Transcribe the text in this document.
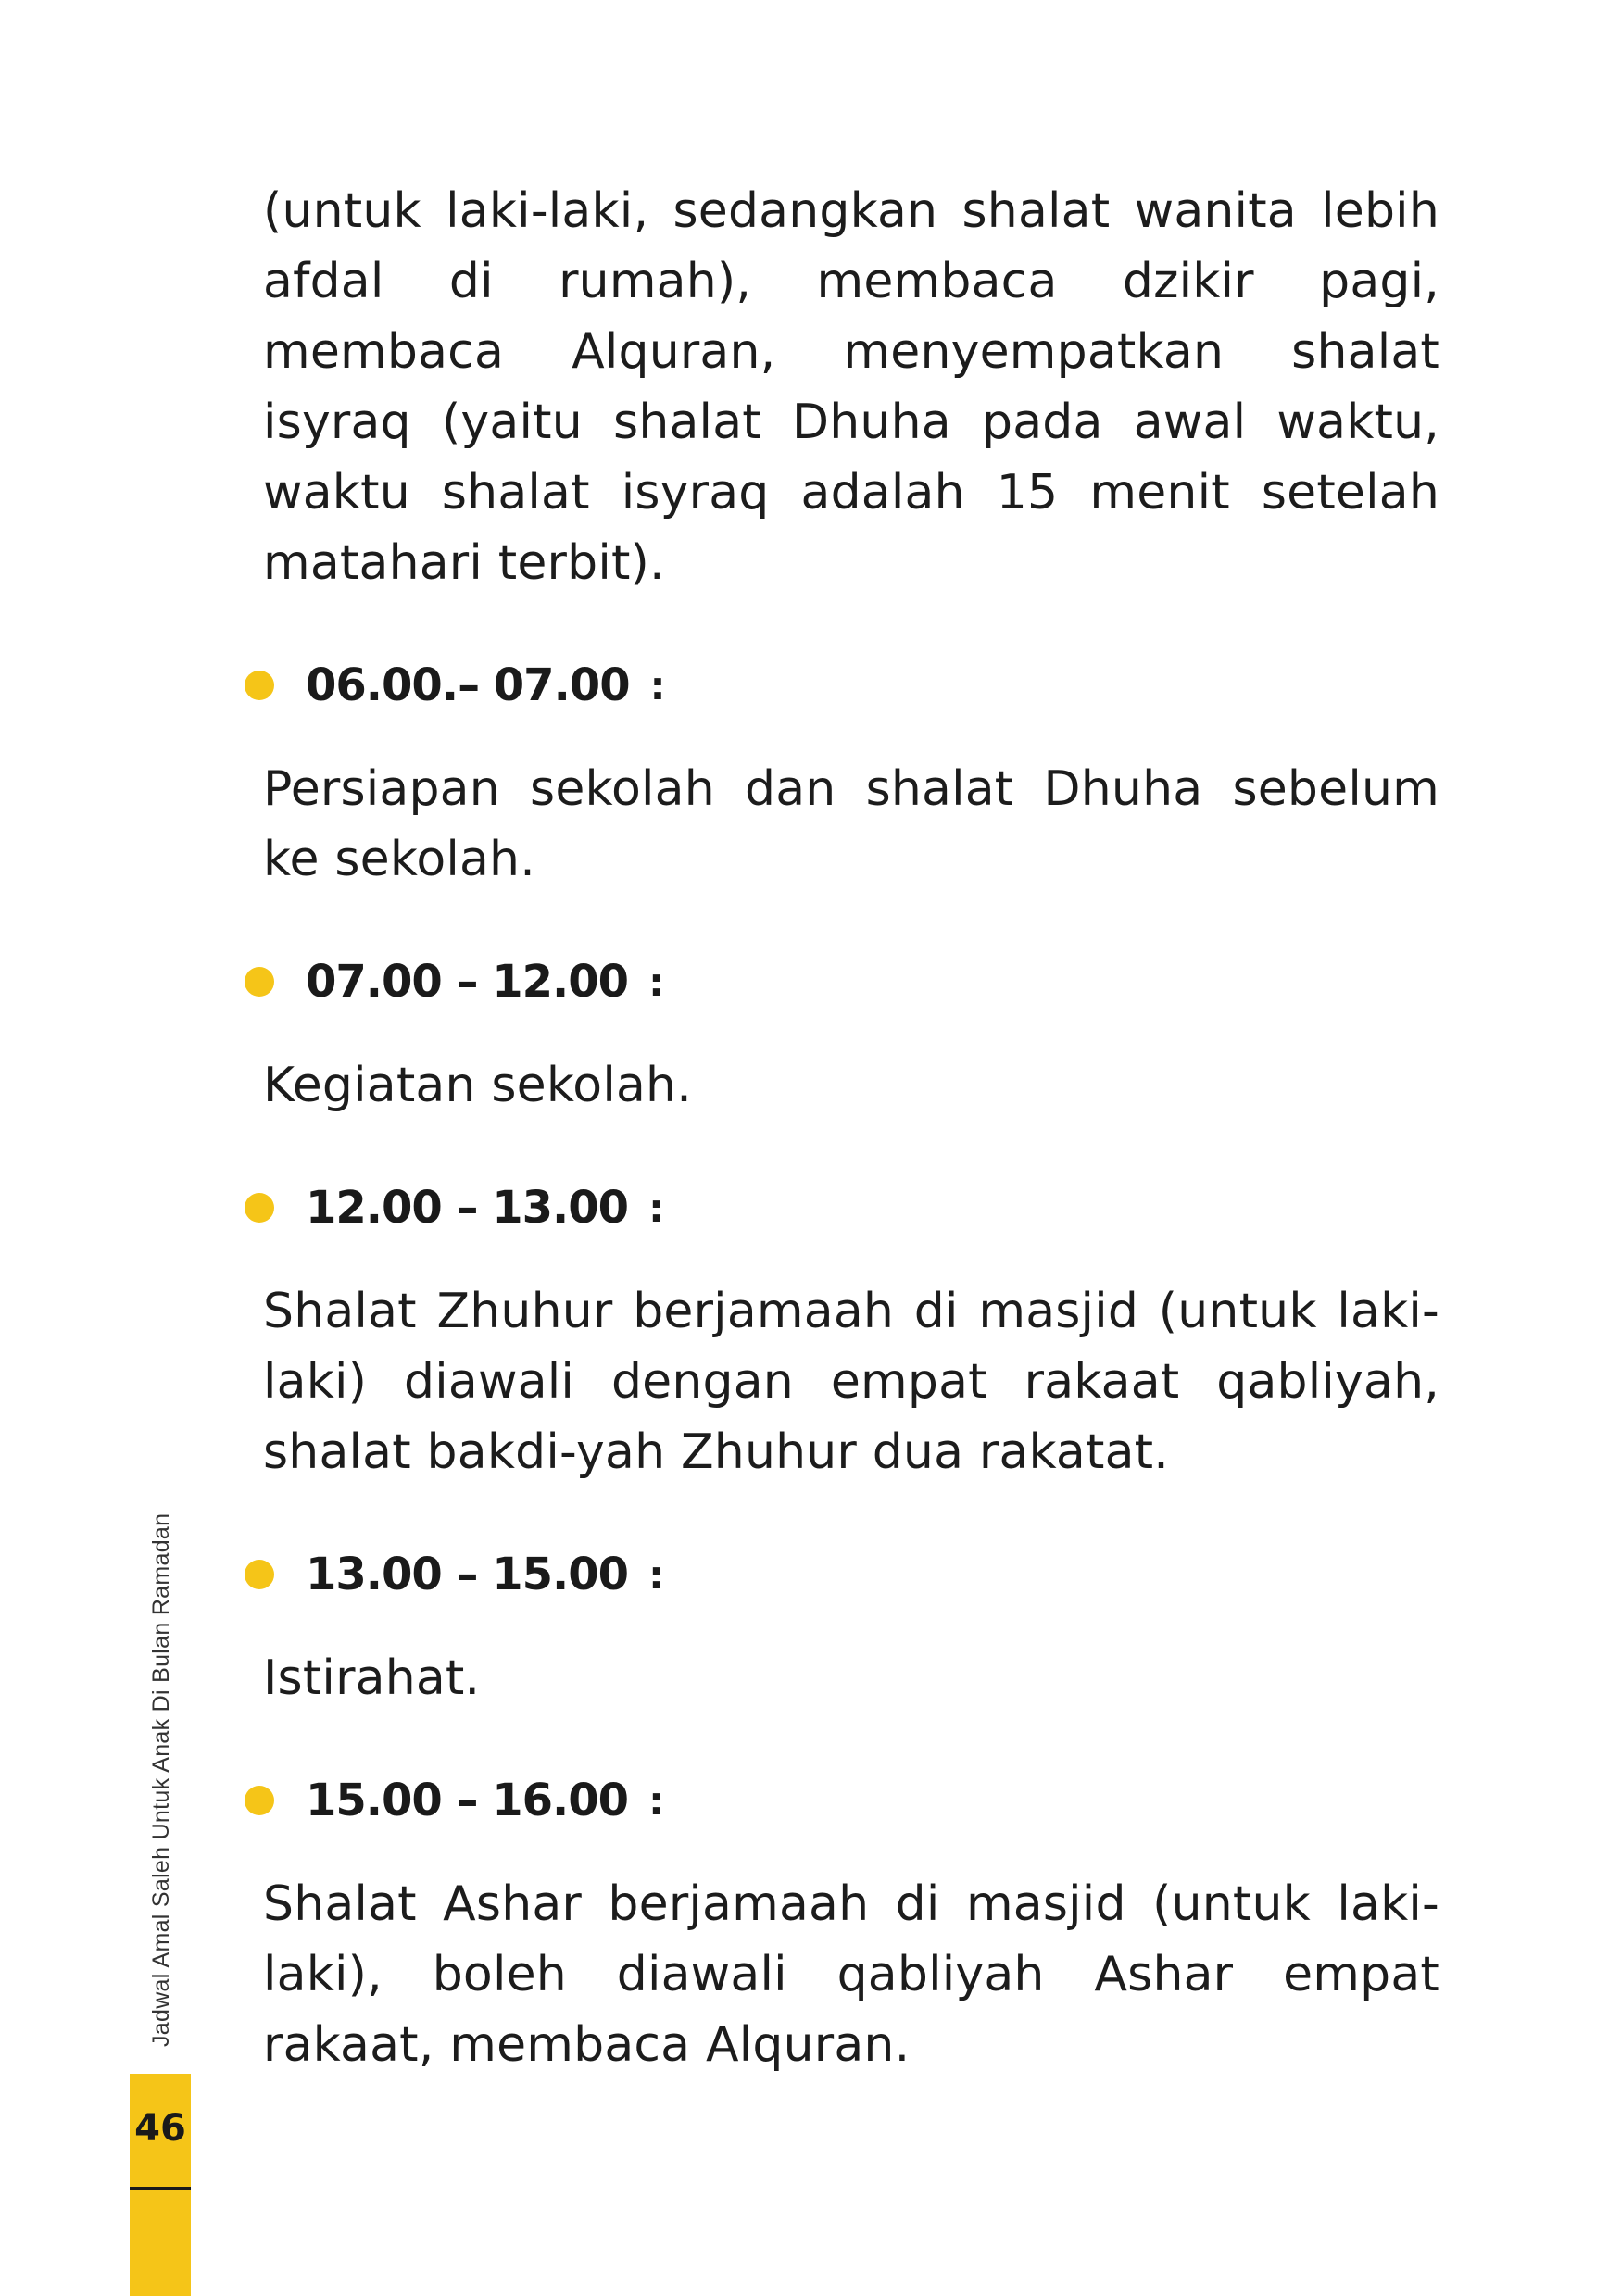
(untuk laki-laki, sedangkan shalat wanita lebih afdal di rumah), membaca dzikir pagi, membaca Alquran, menyempatkan shalat isyraq (yaitu shalat Dhuha pada awal waktu, waktu shalat isyraq adalah 15 menit setelah matahari terbit).

06.00.– 07.00 :

Persiapan sekolah dan shalat Dhuha sebelum ke sekolah.

07.00 – 12.00 :

Kegiatan sekolah.

12.00 – 13.00 :

Shalat Zhuhur berjamaah di masjid (untuk laki-laki) diawali dengan empat rakaat qabliyah, shalat bakdi-yah Zhuhur dua rakatat.

13.00 – 15.00 :

Istirahat.

15.00 – 16.00 :

Shalat Ashar berjamaah di masjid (untuk laki-laki), boleh diawali qabliyah Ashar empat rakaat, membaca Alquran.

Jadwal Amal Saleh Untuk Anak Di Bulan Ramadan
46
